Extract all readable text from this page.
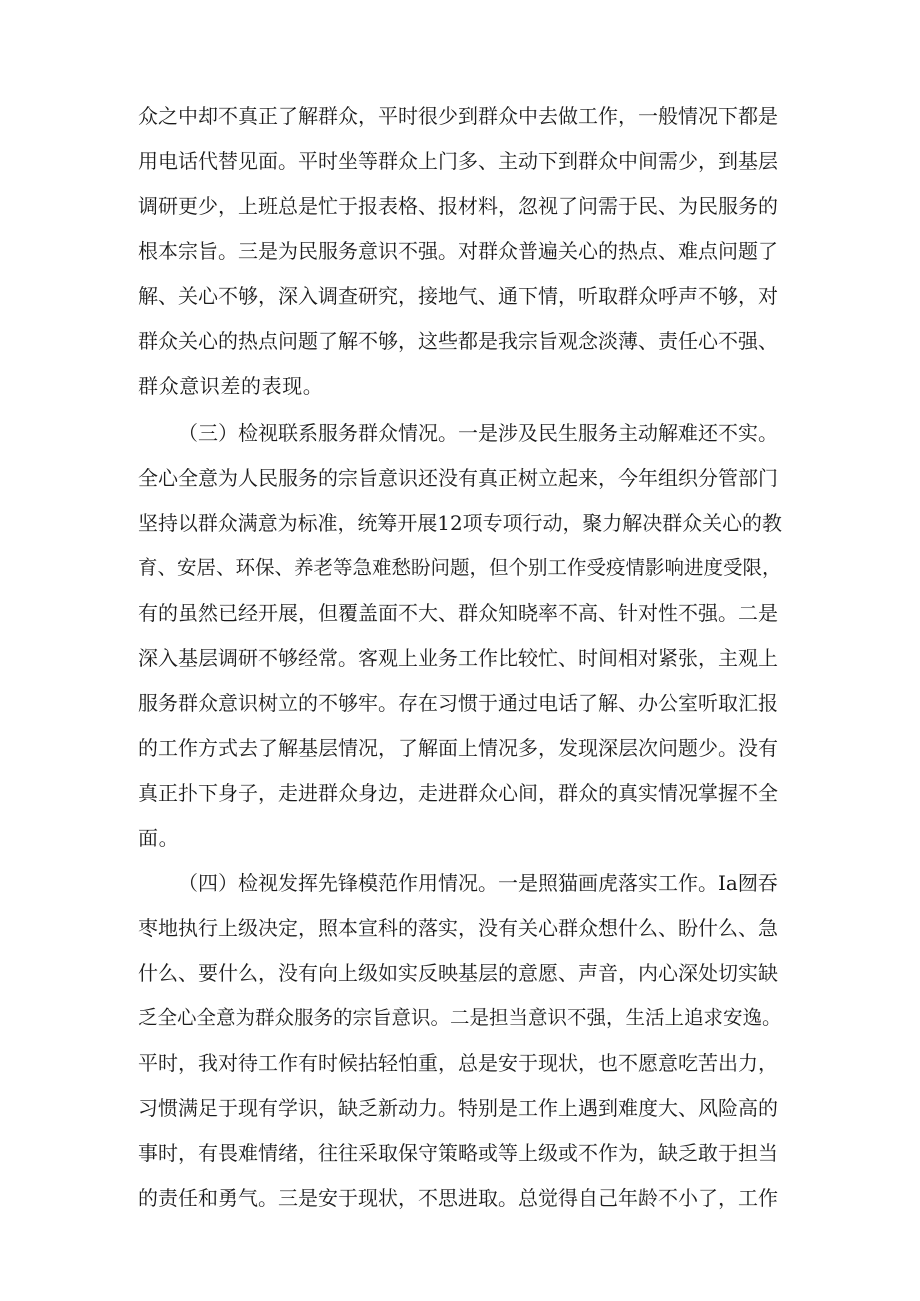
众之中却不真正了解群众，平时很少到群众中去做工作，一般情况下都是
用电话代替见面。平时坐等群众上门多、主动下到群众中间需少，到基层
调研更少，上班总是忙于报表格、报材料，忽视了问需于民、为民服务的
根本宗旨。三是为民服务意识不强。对群众普遍关心的热点、难点问题了
解、关心不够，深入调查研究，接地气、通下情，听取群众呼声不够，对
群众关心的热点问题了解不够，这些都是我宗旨观念淡薄、责任心不强、
群众意识差的表现。
（三）检视联系服务群众情况。一是涉及民生服务主动解难还不实。
全心全意为人民服务的宗旨意识还没有真正树立起来，今年组织分管部门
坚持以群众满意为标准，统筹开展12项专项行动，聚力解决群众关心的教
育、安居、环保、养老等急难愁盼问题，但个别工作受疫情影响进度受限，
有的虽然已经开展，但覆盖面不大、群众知晓率不高、针对性不强。二是
深入基层调研不够经常。客观上业务工作比较忙、时间相对紧张，主观上
服务群众意识树立的不够牢。存在习惯于通过电话了解、办公室听取汇报
的工作方式去了解基层情况，了解面上情况多，发现深层次问题少。没有
真正扑下身子，走进群众身边，走进群众心间，群众的真实情况掌握不全
面。
（四）检视发挥先锋模范作用情况。一是照猫画虎落实工作。Ia囫吞
枣地执行上级决定，照本宣科的落实，没有关心群众想什么、盼什么、急
什么、要什么，没有向上级如实反映基层的意愿、声音，内心深处切实缺
乏全心全意为群众服务的宗旨意识。二是担当意识不强，生活上追求安逸。
平时，我对待工作有时候拈轻怕重，总是安于现状，也不愿意吃苦出力，
习惯满足于现有学识，缺乏新动力。特别是工作上遇到难度大、风险高的
事时，有畏难情绪，往往采取保守策略或等上级或不作为，缺乏敢于担当
的责任和勇气。三是安于现状，不思进取。总觉得自己年龄不小了，工作
